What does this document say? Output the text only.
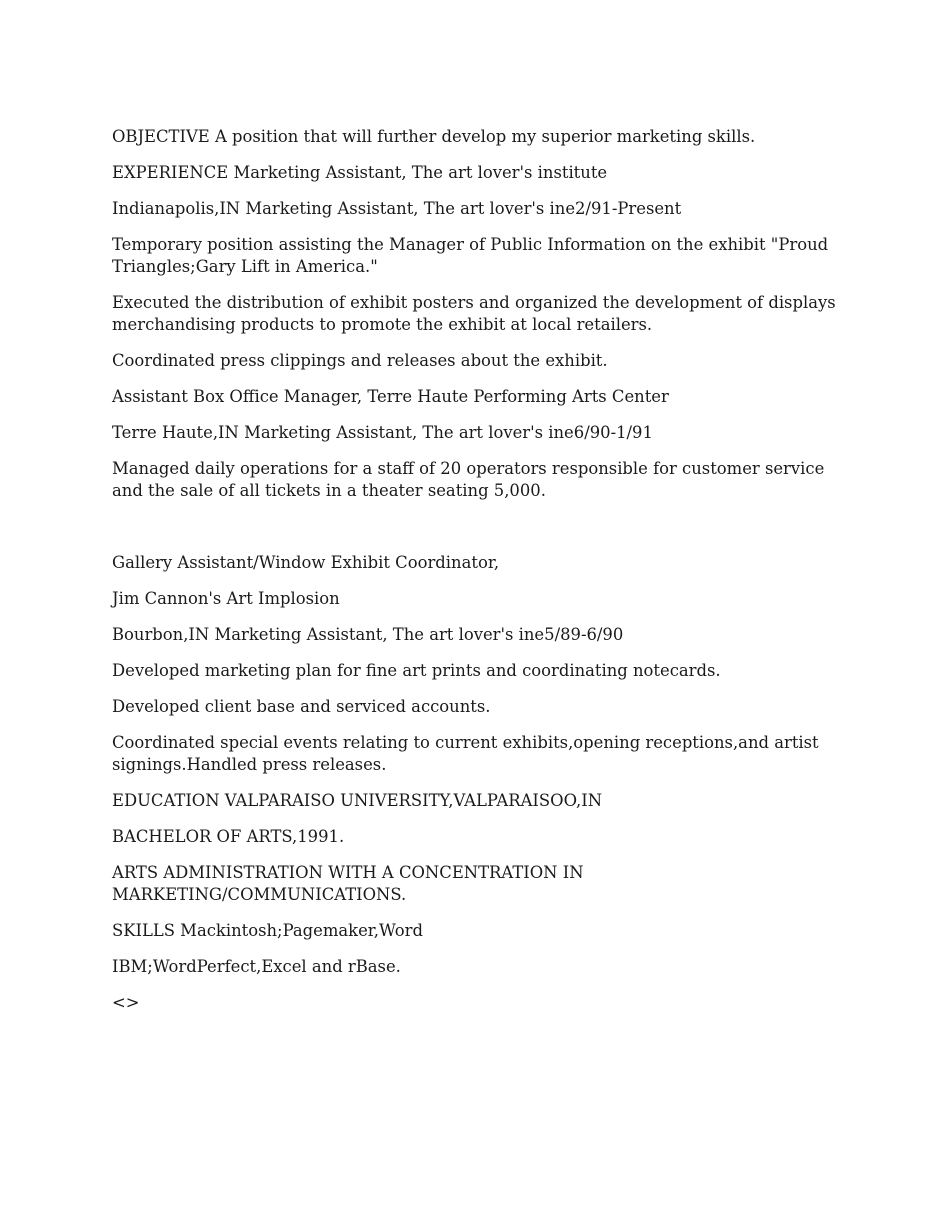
OBJECTIVE A position that will further develop my superior marketing skills.

EXPERIENCE Marketing Assistant, The art lover's institute

Indianapolis,IN Marketing Assistant, The art lover's ine2/91-Present

Temporary position assisting the Manager of Public Information on the exhibit "Proud Triangles;Gary Lift in America."

Executed the distribution of exhibit posters and organized the development of displays merchandising products to promote the exhibit at local retailers.

Coordinated press clippings and releases about the exhibit.

Assistant Box Office Manager, Terre Haute Performing Arts Center

Terre Haute,IN Marketing Assistant, The art lover's ine6/90-1/91

Managed daily operations for a staff of 20 operators responsible for customer service and the sale of all tickets in a theater seating 5,000.

Gallery Assistant/Window Exhibit Coordinator,

Jim Cannon's Art Implosion

Bourbon,IN Marketing Assistant, The art lover's ine5/89-6/90

Developed marketing plan for fine art prints and coordinating notecards.

Developed client base and serviced accounts.

Coordinated special events relating to current exhibits,opening receptions,and artist signings.Handled press releases.

EDUCATION VALPARAISO UNIVERSITY,VALPARAISOO,IN

BACHELOR OF ARTS,1991.

ARTS ADMINISTRATION WITH A CONCENTRATION IN MARKETING/COMMUNICATIONS.

SKILLS Mackintosh;Pagemaker,Word

IBM;WordPerfect,Excel and rBase.

<>
